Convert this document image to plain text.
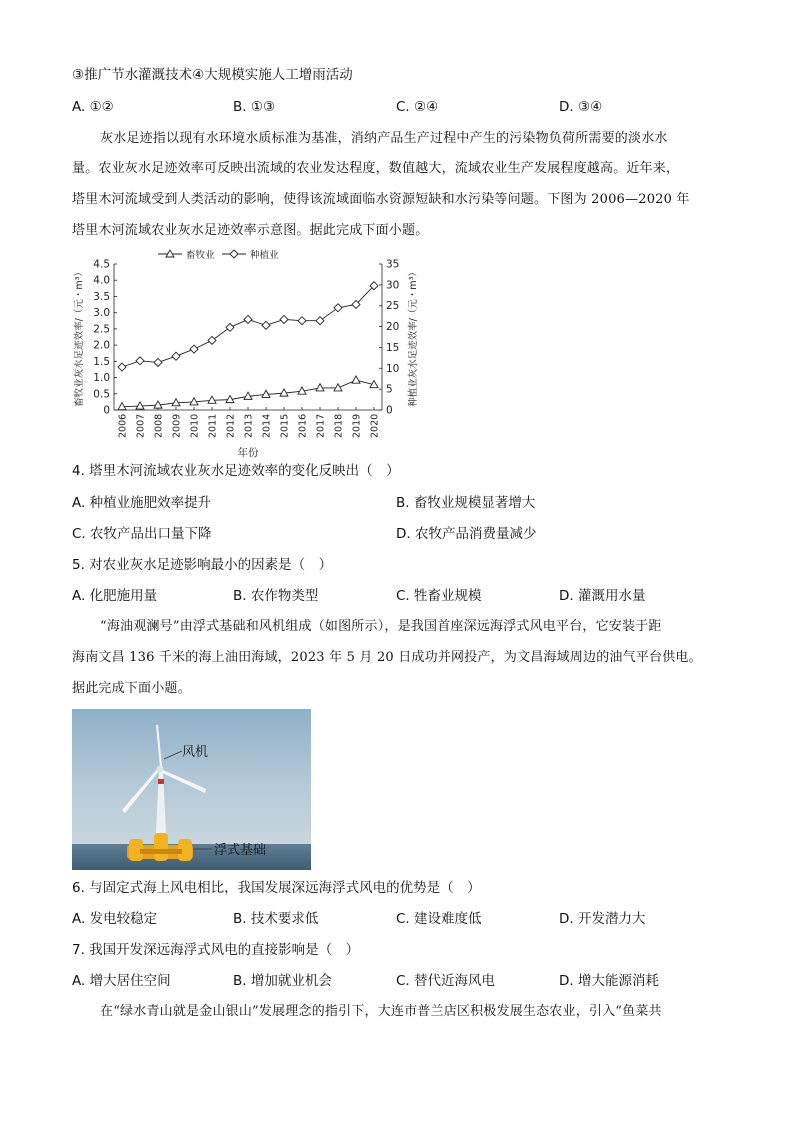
③推广节水灌溉技术④大规模实施人工增雨活动
A. ①②	B. ①③	C. ②④	D. ③④
灰水足迹指以现有水环境水质标准为基准，消纳产品生产过程中产生的污染物负荷所需要的淡水水
量。农业灰水足迹效率可反映出流域的农业发达程度，数值越大，流域农业生产发展程度越高。近年来，
塔里木河流域受到人类活动的影响，使得该流域面临水资源短缺和水污染等问题。下图为 2006—2020 年
塔里木河流域农业灰水足迹效率示意图。据此完成下面小题。
0
0.5
1.0
1.5
2.0
2.5
3.0
3.5
4.0
4.5
0
5
10
15
20
25
30
35
2006 2007 2008 2009 2010 2011 2012 2013 2014 2015 2016 2017 2018 2019 2020
年份
畜牧业灰水足迹效率/（元・m³）	种植业灰水足迹效率/（元・m³）
畜牧业	种植业
4. 塔里木河流域农业灰水足迹效率的变化反映出（　）
A. 种植业施肥效率提升	B. 畜牧业规模显著增大
C. 农牧产品出口量下降	D. 农牧产品消费量减少
5. 对农业灰水足迹影响最小的因素是（　）
A. 化肥施用量	B. 农作物类型	C. 牲畜业规模	D. 灌溉用水量
“海油观澜号”由浮式基础和风机组成（如图所示），是我国首座深远海浮式风电平台，它安装于距
海南文昌 136 千米的海上油田海域，2023 年 5 月 20 日成功并网投产，为文昌海域周边的油气平台供电。
据此完成下面小题。
风机
浮式基础
6. 与固定式海上风电相比，我国发展深远海浮式风电的优势是（　）
A. 发电较稳定	B. 技术要求低	C. 建设难度低	D. 开发潜力大
7. 我国开发深远海浮式风电的直接影响是（　）
A. 增大居住空间	B. 增加就业机会	C. 替代近海风电	D. 增大能源消耗
在“绿水青山就是金山银山”发展理念的指引下，大连市普兰店区积极发展生态农业，引入“鱼菜共
